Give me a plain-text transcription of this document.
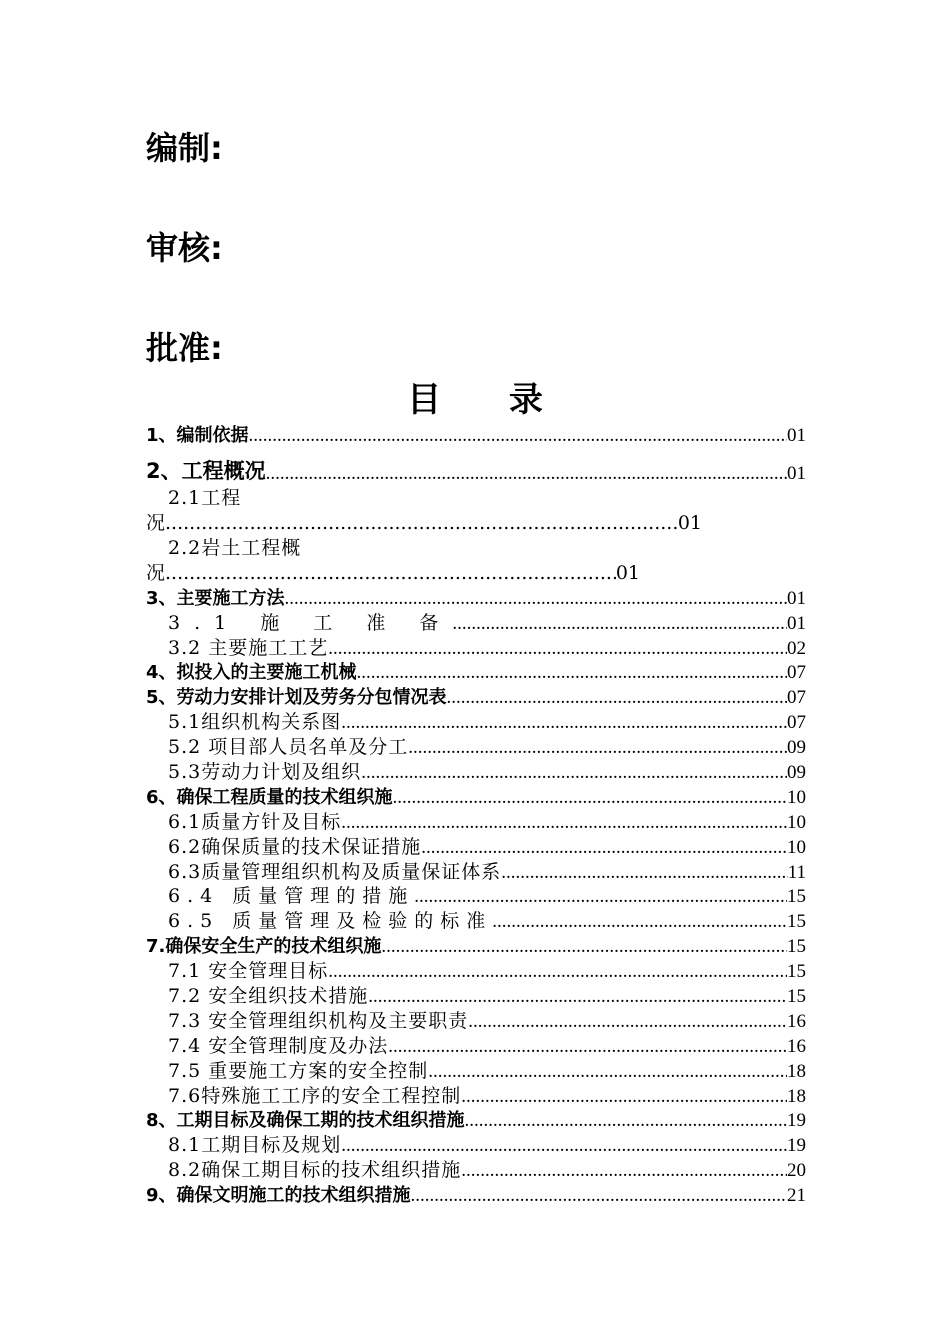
编制:
审核:
批准:
目 录
1、编制依据 .....	01
2、工程概况 .....	01
2.1工程
况 .....	01
2.2岩土工程概
况 .....	01
3、主要施工方法 .....	01
3.1 施 工 准 备 .....	01
3.2 主要施工工艺 .....	02
4、拟投入的主要施工机械 .....	07
5、劳动力安排计划及劳务分包情况表 .....	07
5.1组织机构关系图 .....	07
5.2 项目部人员名单及分工 .....	09
5.3劳动力计划及组织 .....	09
6、确保工程质量的技术组织施 .....	10
6.1质量方针及目标 .....	10
6.2确保质量的技术保证措施 .....	10
6.3质量管理组织机构及质量保证体系 .....	11
6.4 质量管理的措施 .....	15
6.5 质量管理及检验的标准 .....	15
7.确保安全生产的技术组织施 .....	15
7.1 安全管理目标 .....	15
7.2 安全组织技术措施 .....	15
7.3 安全管理组织机构及主要职责 .....	16
7.4 安全管理制度及办法 .....	16
7.5 重要施工方案的安全控制 .....	18
7.6特殊施工工序的安全工程控制 .....	18
8、工期目标及确保工期的技术组织措施 .....	19
8.1工期目标及规划 .....	19
8.2确保工期目标的技术组织措施 .....	20
9、确保文明施工的技术组织措施 .....	21
